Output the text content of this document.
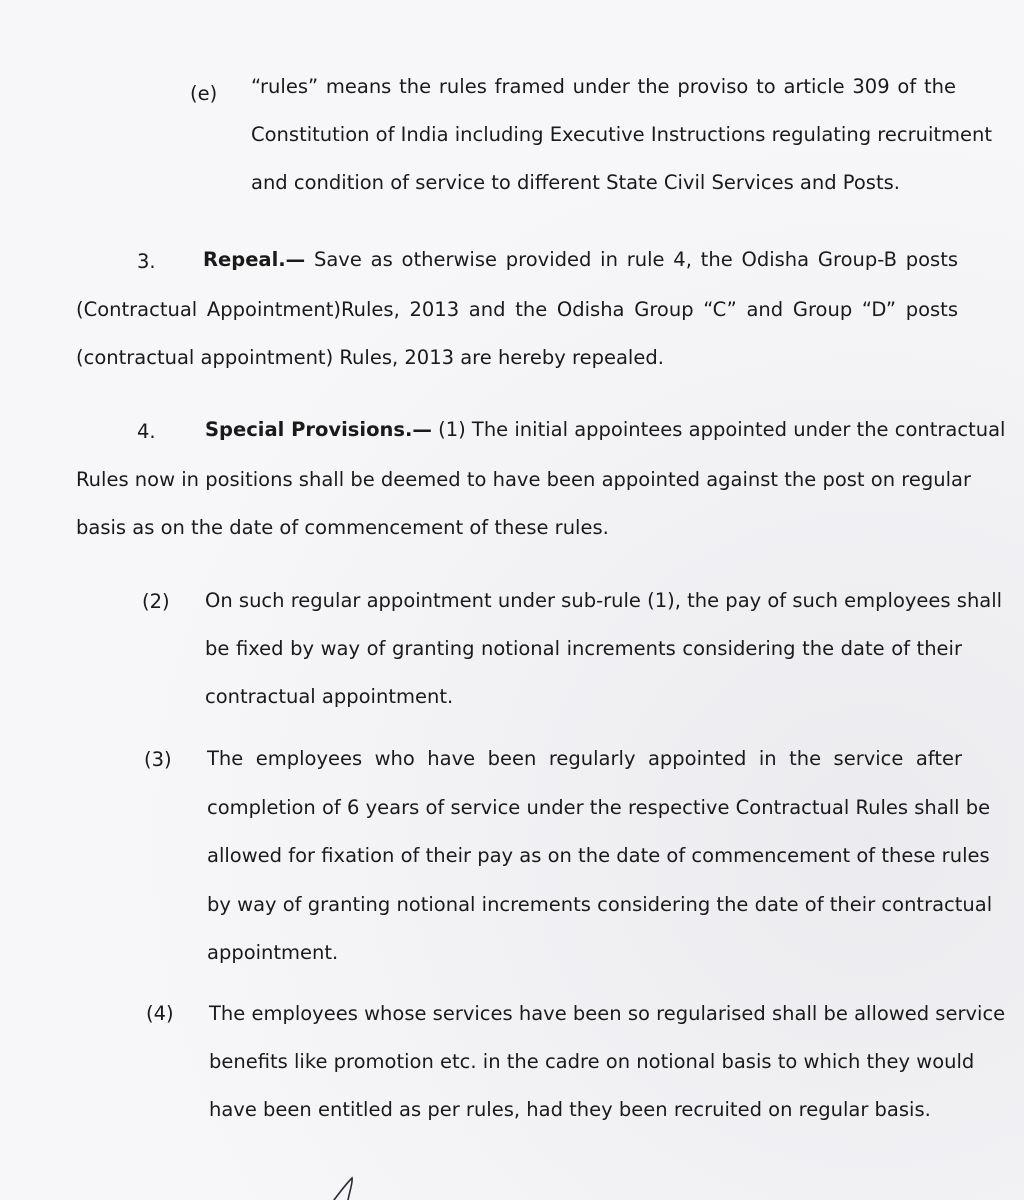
(e) “rules” means the rules framed under the proviso to article 309 of the
Constitution of India including Executive Instructions regulating recruitment
and condition of service to different State Civil Services and Posts.
3. Repeal.— Save as otherwise provided in rule 4, the Odisha Group-B posts
(Contractual Appointment)Rules, 2013 and the Odisha Group “C” and Group “D” posts
(contractual appointment) Rules, 2013 are hereby repealed.
4.	Special Provisions.— (1) The initial appointees appointed under the contractual
Rules now in positions shall be deemed to have been appointed against the post on regular
basis as on the date of commencement of these rules.
(2) On such regular appointment under sub-rule (1), the pay of such employees shall
be fixed by way of granting notional increments considering the date of their
contractual appointment.
(3) The employees who have been regularly appointed in the service after
completion of 6 years of service under the respective Contractual Rules shall be
allowed for fixation of their pay as on the date of commencement of these rules
by way of granting notional increments considering the date of their contractual
appointment.
(4) The employees whose services have been so regularised shall be allowed service
benefits like promotion etc. in the cadre on notional basis to which they would
have been entitled as per rules, had they been recruited on regular basis.
